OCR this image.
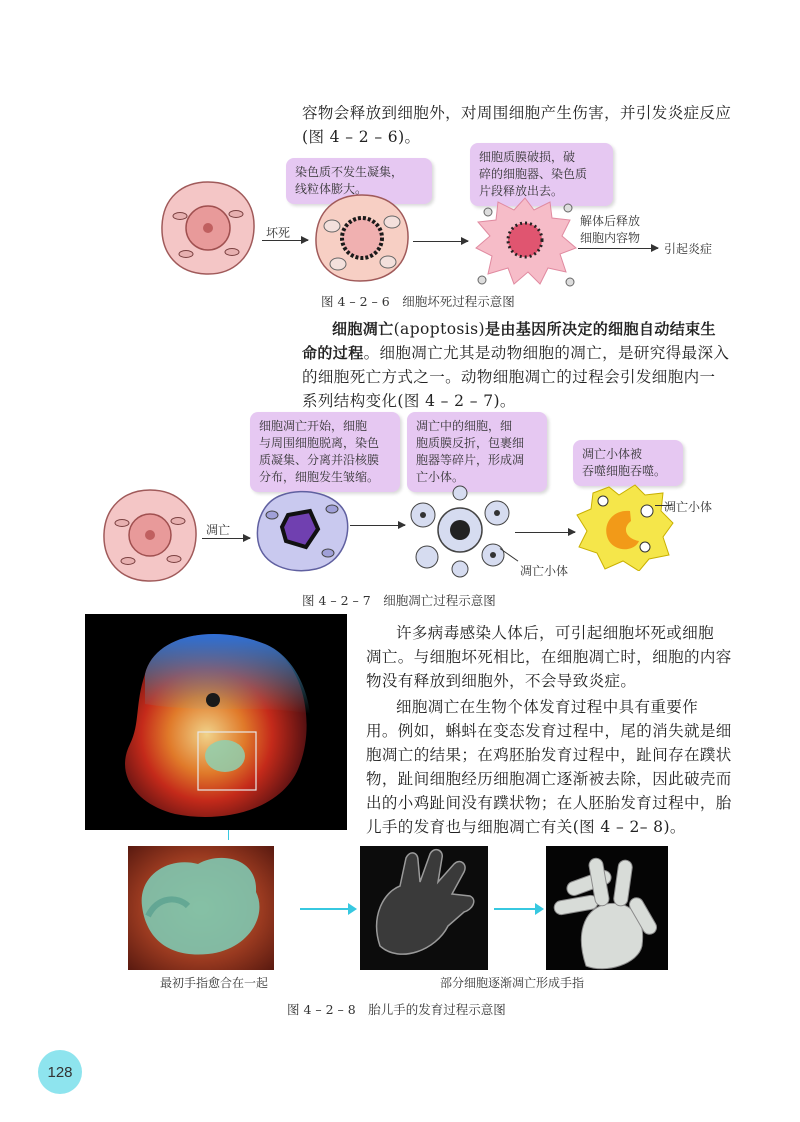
容物会释放到细胞外，对周围细胞产生伤害，并引发炎症反应
(图 4 – 2 – 6)。
染色质不发生凝集，
线粒体膨大。
细胞质膜破损，破
碎的细胞器、染色质
片段释放出去。
坏死
解体后释放
细胞内容物
引起炎症
图 4 – 2 – 6　细胞坏死过程示意图
细胞凋亡(apoptosis)是由基因所决定的细胞自动结束生
命的过程。细胞凋亡尤其是动物细胞的凋亡，是研究得最深入
的细胞死亡方式之一。动物细胞凋亡的过程会引发细胞内一
系列结构变化(图 4 – 2 – 7)。
细胞凋亡开始，细胞
与周围细胞脱离，染色
质凝集、分离并沿核膜
分布，细胞发生皱缩。
凋亡中的细胞，细
胞质膜反折，包裹细
胞器等碎片，形成凋
亡小体。
凋亡小体被
吞噬细胞吞噬。
凋亡
凋亡小体
凋亡小体
图 4 – 2 – 7　细胞凋亡过程示意图
许多病毒感染人体后，可引起细胞坏死或细胞
凋亡。与细胞坏死相比，在细胞凋亡时，细胞的内容
物没有释放到细胞外，不会导致炎症。
细胞凋亡在生物个体发育过程中具有重要作
用。例如，蝌蚪在变态发育过程中，尾的消失就是细
胞凋亡的结果；在鸡胚胎发育过程中，趾间存在蹼状
物，趾间细胞经历细胞凋亡逐渐被去除，因此破壳而
出的小鸡趾间没有蹼状物；在人胚胎发育过程中，胎
儿手的发育也与细胞凋亡有关(图 4 – 2– 8)。
最初手指愈合在一起	部分细胞逐渐凋亡形成手指
图 4 – 2 – 8　胎儿手的发育过程示意图
128
